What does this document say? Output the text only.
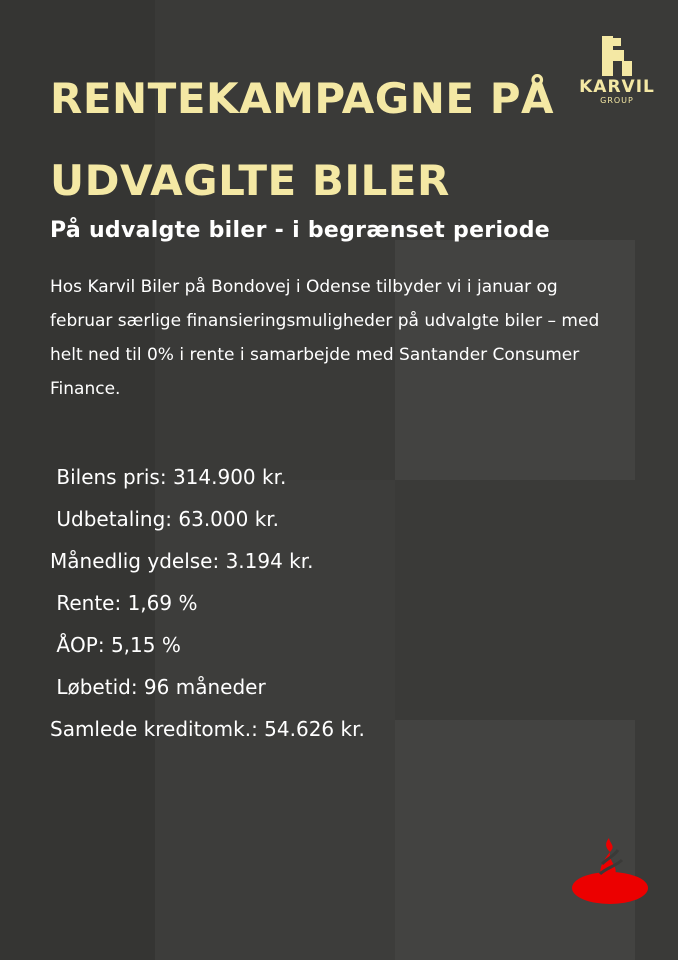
KARVIL
GROUP
RENTEKAMPAGNE PÅ
UDVAGLTE BILER
På udvalgte biler - i begrænset periode

Hos Karvil Biler på Bondovej i Odense tilbyder vi i januar og februar særlige finansieringsmuligheder på udvalgte biler – med helt ned til 0% i rente i samarbejde med Santander Consumer Finance.

Bilens pris: 314.900 kr.
Udbetaling: 63.000 kr.
Månedlig ydelse: 3.194 kr.
Rente: 1,69 %
ÅOP: 5,15 %
Løbetid: 96 måneder
Samlede kreditomk.: 54.626 kr.
